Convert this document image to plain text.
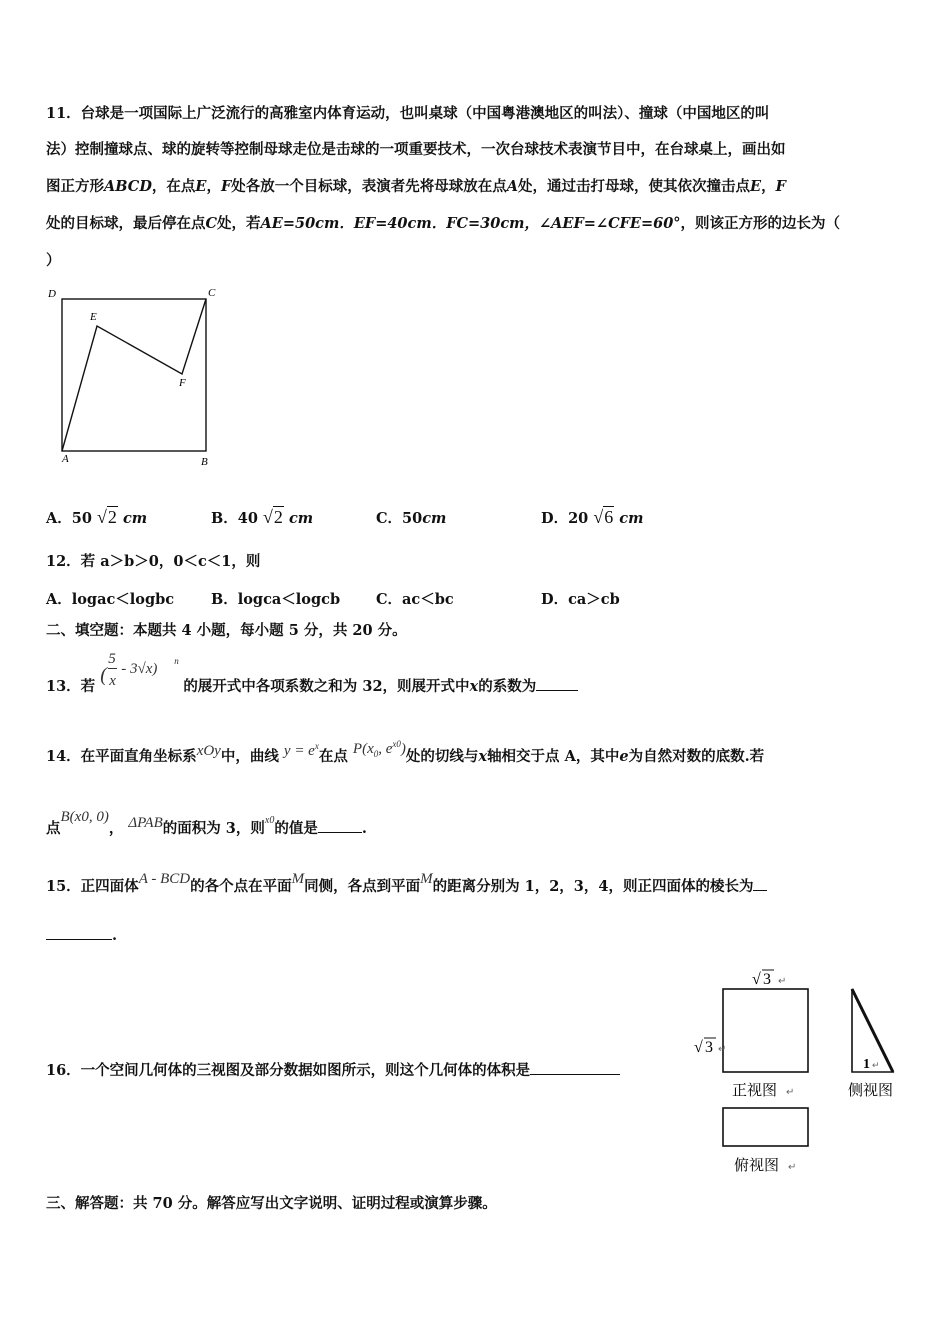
11．台球是一项国际上广泛流行的高雅室内体育运动，也叫桌球（中国粤港澳地区的叫法）、撞球（中国地区的叫
法）控制撞球点、球的旋转等控制母球走位是击球的一项重要技术，一次台球技术表演节目中，在台球桌上，画出如
图正方形ABCD，在点E，F处各放一个目标球，表演者先将母球放在点A处，通过击打母球，使其依次撞击点E，F
处的目标球，最后停在点C处，若AE=50cm．EF=40cm．FC=30cm，∠AEF=∠CFE=60°，则该正方形的边长为（
）
D	C
E
F
A	B
A．50 √2 cm	B．40 √2 cm	C．50cm	D．20 √6 cm
12．若 a＞b＞0，0＜c＜1，则
A．logac＜logbc	B．logca＜logcb C．ac＜bc	D．ca＞cb
二、填空题：本题共 4 小题，每小题 5 分，共 20 分。
13．若
(
5
x
- 3√x) n
的展开式中各项系数之和为 32，则展开式中x的系数为
14．在平面直角坐标系xOy中，曲线 $y = e^x$在点 $P(x_0$, $e^{x0}$)处的切线与x轴相交于点 A，其中e为自然对数的底数.若
点B(x0, 0)， ΔPAB的面积为 3，则$^{x0}$的值是	.
15．正四面体A - BCD的各个点在平面M同侧，各点到平面M的距离分别为 1，2，3，4，则正四面体的棱长为
.
16．一个空间几何体的三视图及部分数据如图所示，则这个几何体的体积是
√ 3 ↵
√ 3 ↵
正视图 ↵
1 ↵
侧视图
俯视图 ↵
三、解答题：共 70 分。解答应写出文字说明、证明过程或演算步骤。
